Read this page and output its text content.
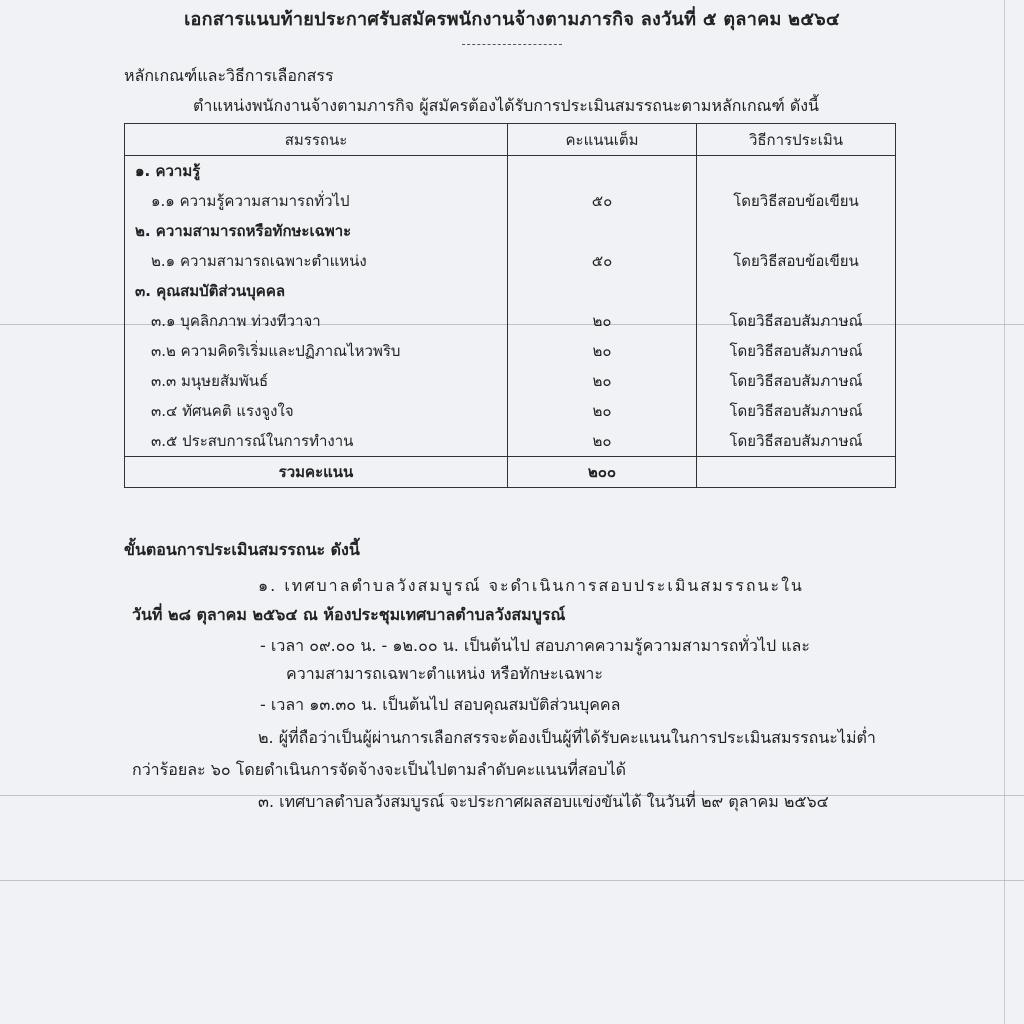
เอกสารแนบท้ายประกาศรับสมัครพนักงานจ้างตามภารกิจ ลงวันที่ ๕ ตุลาคม ๒๕๖๔
หลักเกณฑ์และวิธีการเลือกสรร
ตำแหน่งพนักงานจ้างตามภารกิจ ผู้สมัครต้องได้รับการประเมินสมรรถนะตามหลักเกณฑ์ ดังนี้
สมรรถนะ	คะแนนเต็ม	วิธีการประเมิน
๑. ความรู้		
๑.๑ ความรู้ความสามารถทั่วไป	๕๐	โดยวิธีสอบข้อเขียน
๒. ความสามารถหรือทักษะเฉพาะ		
๒.๑ ความสามารถเฉพาะตำแหน่ง	๕๐	โดยวิธีสอบข้อเขียน
๓. คุณสมบัติส่วนบุคคล		
๓.๑ บุคลิกภาพ ท่วงทีวาจา	๒๐	โดยวิธีสอบสัมภาษณ์
๓.๒ ความคิดริเริ่มและปฏิภาณไหวพริบ	๒๐	โดยวิธีสอบสัมภาษณ์
๓.๓ มนุษยสัมพันธ์	๒๐	โดยวิธีสอบสัมภาษณ์
๓.๔ ทัศนคติ แรงจูงใจ	๒๐	โดยวิธีสอบสัมภาษณ์
๓.๕ ประสบการณ์ในการทำงาน	๒๐	โดยวิธีสอบสัมภาษณ์
รวมคะแนน	๒๐๐	
ขั้นตอนการประเมินสมรรถนะ ดังนี้
๑. เทศบาลตำบลวังสมบูรณ์ จะดำเนินการสอบประเมินสมรรถนะใน
วันที่ ๒๘ ตุลาคม ๒๕๖๔ ณ ห้องประชุมเทศบาลตำบลวังสมบูรณ์
- เวลา ๐๙.๐๐ น. - ๑๒.๐๐ น. เป็นต้นไป สอบภาคความรู้ความสามารถทั่วไป และ
ความสามารถเฉพาะตำแหน่ง หรือทักษะเฉพาะ
- เวลา ๑๓.๓๐ น. เป็นต้นไป สอบคุณสมบัติส่วนบุคคล
๒. ผู้ที่ถือว่าเป็นผู้ผ่านการเลือกสรรจะต้องเป็นผู้ที่ได้รับคะแนนในการประเมินสมรรถนะไม่ต่ำ
กว่าร้อยละ ๖๐ โดยดำเนินการจัดจ้างจะเป็นไปตามลำดับคะแนนที่สอบได้
๓. เทศบาลตำบลวังสมบูรณ์ จะประกาศผลสอบแข่งขันได้ ในวันที่ ๒๙ ตุลาคม ๒๕๖๔
